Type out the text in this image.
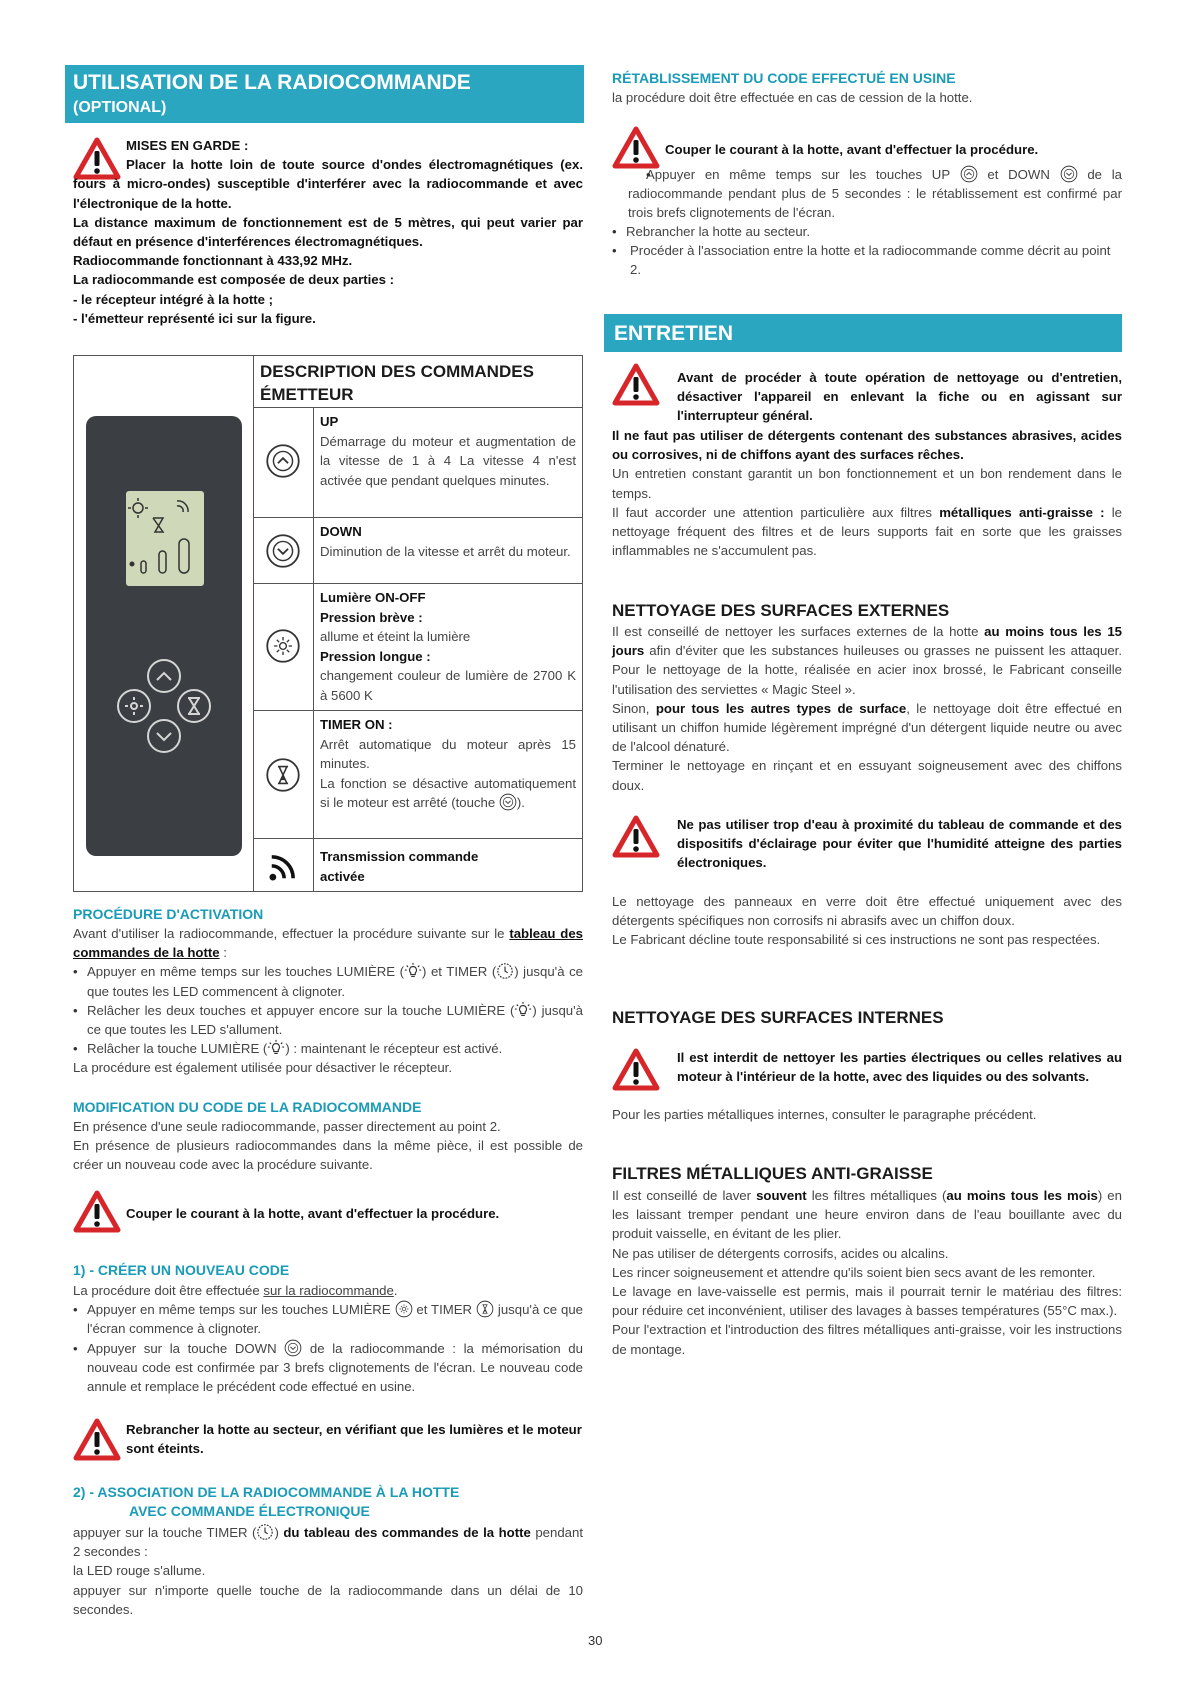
UTILISATION DE LA RADIOCOMMANDE
(OPTIONAL)
MISES EN GARDE :
Placer la hotte loin de toute source d'ondes électromagnétiques (ex. fours à micro-ondes) susceptible d'interférer avec la radiocommande et avec l'électronique de la hotte.
La distance maximum de fonctionnement est de 5 mètres, qui peut varier par défaut en présence d'interférences électromagnétiques.
Radiocommande fonctionnant à 433,92 MHz.
La radiocommande est composée de deux parties :
- le récepteur intégré à la hotte ;
- l'émetteur représenté ici sur la figure.
DESCRIPTION DES COMMANDES ÉMETTEUR
UP
Démarrage du moteur et augmentation de la vitesse de 1 à 4 La vitesse 4 n'est activée que pendant quelques minutes.
DOWN
Diminution de la vitesse et arrêt du moteur.
Lumière ON-OFF
Pression brève :
allume et éteint la lumière
Pression longue :
changement couleur de lumière de 2700 K à 5600 K
TIMER ON :
Arrêt automatique du moteur après 15 minutes.
La fonction se désactive automatiquement si le moteur est arrêté (touche ).
Transmission commande activée
PROCÉDURE D'ACTIVATION
Avant d'utiliser la radiocommande, effectuer la procédure suivante sur le tableau des commandes de la hotte :
• Appuyer en même temps sur les touches LUMIÈRE ( ) et TIMER ( ) jusqu'à ce que toutes les LED commencent à clignoter.
• Relâcher les deux touches et appuyer encore sur la touche LUMIÈRE ( ) jusqu'à ce que toutes les LED s'allument.
• Relâcher la touche LUMIÈRE ( ) : maintenant le récepteur est activé.
La procédure est également utilisée pour désactiver le récepteur.
MODIFICATION DU CODE DE LA RADIOCOMMANDE
En présence d'une seule radiocommande, passer directement au point 2.
En présence de plusieurs radiocommandes dans la même pièce, il est possible de créer un nouveau code avec la procédure suivante.
Couper le courant à la hotte, avant d'effectuer la procédure.
1) - CRÉER UN NOUVEAU CODE
La procédure doit être effectuée sur la radiocommande.
• Appuyer en même temps sur les touches LUMIÈRE et TIMER jusqu'à ce que l'écran commence à clignoter.
• Appuyer sur la touche DOWN	de la radiocommande : la mémorisation du nouveau code est confirmée par 3 brefs clignotements de l'écran. Le nouveau code annule et remplace le précédent code effectué en usine.
Rebrancher la hotte au secteur, en vérifiant que les lumières et le moteur sont éteints.
2) - ASSOCIATION DE LA RADIOCOMMANDE À LA HOTTE
AVEC COMMANDE ÉLECTRONIQUE
appuyer sur la touche TIMER ( ) du tableau des commandes de la hotte pendant 2 secondes :
la LED rouge s'allume.
appuyer sur n'importe quelle touche de la radiocommande dans un délai de 10 secondes.
RÉTABLISSEMENT DU CODE EFFECTUÉ EN USINE
la procédure doit être effectuée en cas de cession de la hotte.
Couper le courant à la hotte, avant d'effectuer la procédure.
• Appuyer en même temps sur les touches UP	et DOWN	de la radiocommande pendant plus de 5 secondes : le rétablissement est confirmé par trois brefs clignotements de l'écran.
• Rebrancher la hotte au secteur.
• Procéder à l'association entre la hotte et la radiocommande comme décrit au point 2.
ENTRETIEN
Avant de procéder à toute opération de nettoyage ou d'entretien, désactiver l'appareil en enlevant la fiche ou en agissant sur l'interrupteur général.
Il ne faut pas utiliser de détergents contenant des substances abrasives, acides ou corrosives, ni de chiffons ayant des surfaces rêches.
Un entretien constant garantit un bon fonctionnement et un bon rendement dans le temps.
Il faut accorder une attention particulière aux filtres métalliques anti-graisse : le nettoyage fréquent des filtres et de leurs supports fait en sorte que les graisses inflammables ne s'accumulent pas.
NETTOYAGE DES SURFACES EXTERNES
Il est conseillé de nettoyer les surfaces externes de la hotte au moins tous les 15 jours afin d'éviter que les substances huileuses ou grasses ne puissent les attaquer. Pour le nettoyage de la hotte, réalisée en acier inox brossé, le Fabricant conseille l'utilisation des serviettes « Magic Steel ».
Sinon, pour tous les autres types de surface, le nettoyage doit être effectué en utilisant un chiffon humide légèrement imprégné d'un détergent liquide neutre ou avec de l'alcool dénaturé.
Terminer le nettoyage en rinçant et en essuyant soigneusement avec des chiffons doux.
Ne pas utiliser trop d'eau à proximité du tableau de commande et des dispositifs d'éclairage pour éviter que l'humidité atteigne des parties électroniques.
Le nettoyage des panneaux en verre doit être effectué uniquement avec des détergents spécifiques non corrosifs ni abrasifs avec un chiffon doux.
Le Fabricant décline toute responsabilité si ces instructions ne sont pas respectées.
NETTOYAGE DES SURFACES INTERNES
Il est interdit de nettoyer les parties électriques ou celles relatives au moteur à l'intérieur de la hotte, avec des liquides ou des solvants.
Pour les parties métalliques internes, consulter le paragraphe précédent.
FILTRES MÉTALLIQUES ANTI-GRAISSE
Il est conseillé de laver souvent les filtres métalliques (au moins tous les mois) en les laissant tremper pendant une heure environ dans de l'eau bouillante avec du produit vaisselle, en évitant de les plier.
Ne pas utiliser de détergents corrosifs, acides ou alcalins.
Les rincer soigneusement et attendre qu'ils soient bien secs avant de les remonter.
Le lavage en lave-vaisselle est permis, mais il pourrait ternir le matériau des filtres: pour réduire cet inconvénient, utiliser des lavages à basses températures (55°C max.).
Pour l'extraction et l'introduction des filtres métalliques anti-graisse, voir les instructions de montage.
30
